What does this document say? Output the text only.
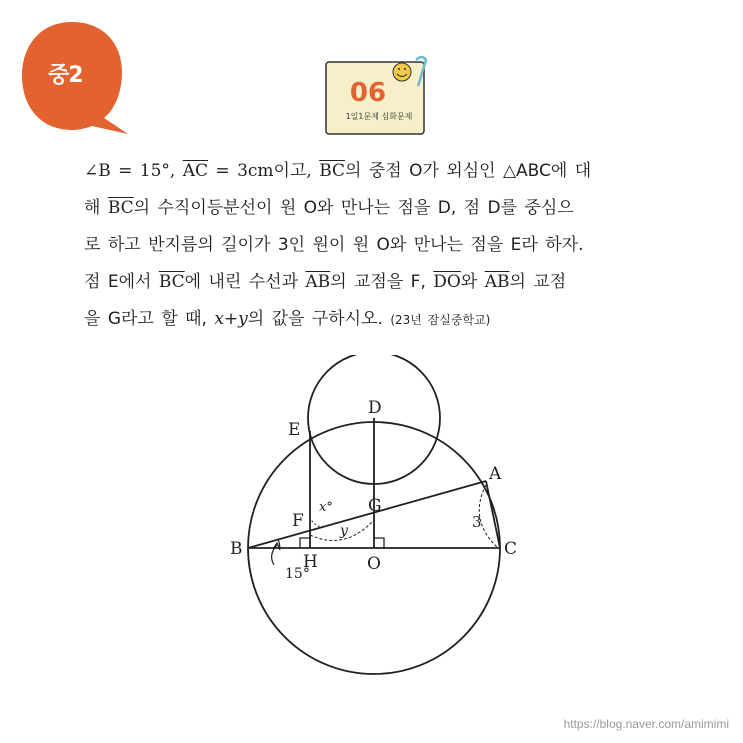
중2
06
1일1문제 심화문제
∠B = 15°, $\overline{AC} = 3cm$이고, $\overline{BC}$의 중점 O가 외심인 △ABC에 대
해 $\overline{BC}$의 수직이등분선이 원 O와 만나는 점을 D, 점 D를 중심으
로 하고 반지름의 길이가 3인 원이 원 O와 만나는 점을 E라 하자.
점 E에서 $\overline{BC}$에 내린 수선과 $\overline{AB}$의 교점을 F, $\overline{DO}$와 $\overline{AB}$의 교점
을 G라고 할 때, x+y의 값을 구하시오. (23년 잠실중학교)
D
E
A
G
F
B
H	O
C
x°
y	3
15°
https://blog.naver.com/amimimi
